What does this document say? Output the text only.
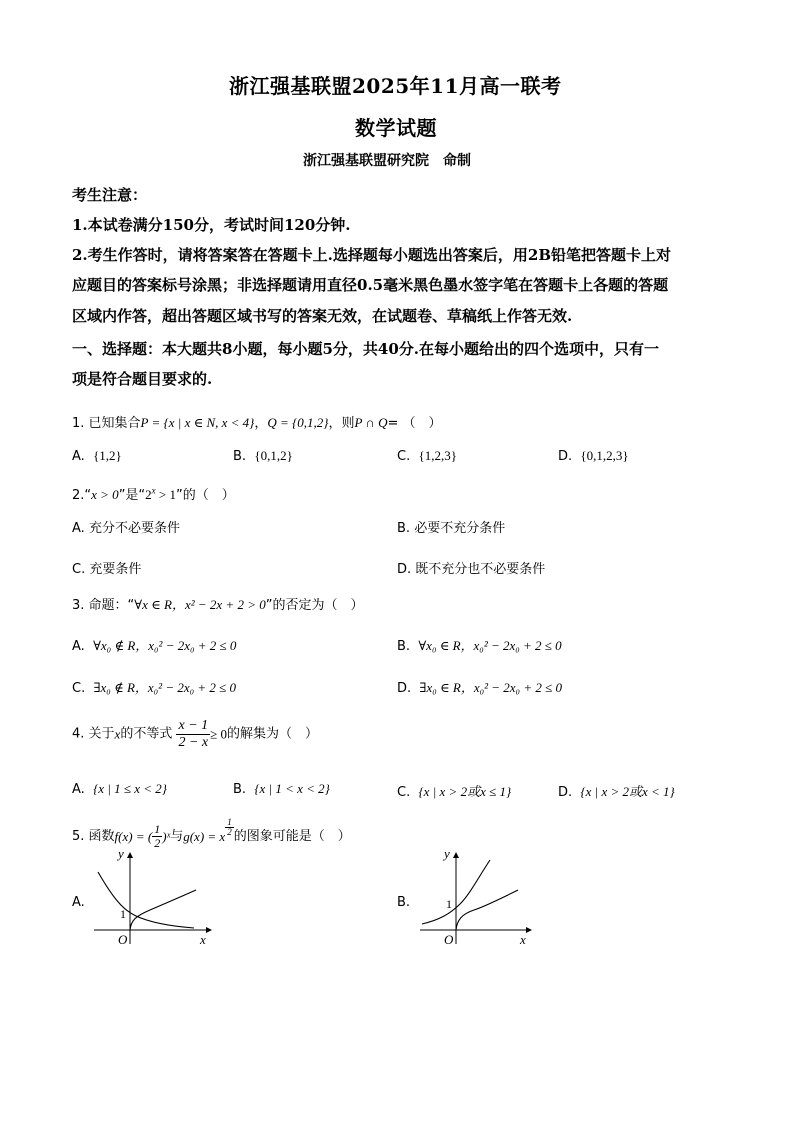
浙江强基联盟2025年11月高一联考
数学试题
浙江强基联盟研究院　命制
考生注意：
1.本试卷满分150分，考试时间120分钟.
2.考生作答时，请将答案答在答题卡上.选择题每小题选出答案后，用2B铅笔把答题卡上对
应题目的答案标号涂黑；非选择题请用直径0.5毫米黑色墨水签字笔在答题卡上各题的答题
区域内作答，超出答题区域书写的答案无效，在试题卷、草稿纸上作答无效.
一、选择题：本大题共8小题，每小题5分，共40分.在每小题给出的四个选项中，只有一
项是符合题目要求的.
1. 已知集合P = {x | x ∈ N, x < 4}，Q = {0,1,2}，则P ∩ Q= （　）
A. {1,2}	B. {0,1,2}	C. {1,2,3}	D. {0,1,2,3}
2.“x > 0”是“$2^x > 1$”的（　）
A. 充分不必要条件	B. 必要不充分条件
C. 充要条件	D. 既不充分也不必要条件
3. 命题：“∀x ∈ R，x² − 2x + 2 > 0”的否定为（　）
A. ∀x₀ ∉ R，x₀² − 2x₀ + 2 ≤ 0	B. ∀x₀ ∈ R，x₀² − 2x₀ + 2 ≤ 0
C. ∃x₀ ∉ R，x₀² − 2x₀ + 2 ≤ 0	D. ∃x₀ ∈ R，x₀² − 2x₀ + 2 ≤ 0
4. 关于x的不等式 $\frac{x - 1}{2 - x} \ge 0$的解集为（　）
A. {x | 1 ≤ x < 2}	B. {x | 1 < x < 2}	C. {x | x > 2或x ≤ 1}	D. {x | x > 2或x < 1}
5. 函数f(x) = ( $\frac{1}{2}$ )ˣ与g(x) = x $\frac{1}{2}$ 的图象可能是（　）
A.
y
x
O
1
B.
y
x
O
1
